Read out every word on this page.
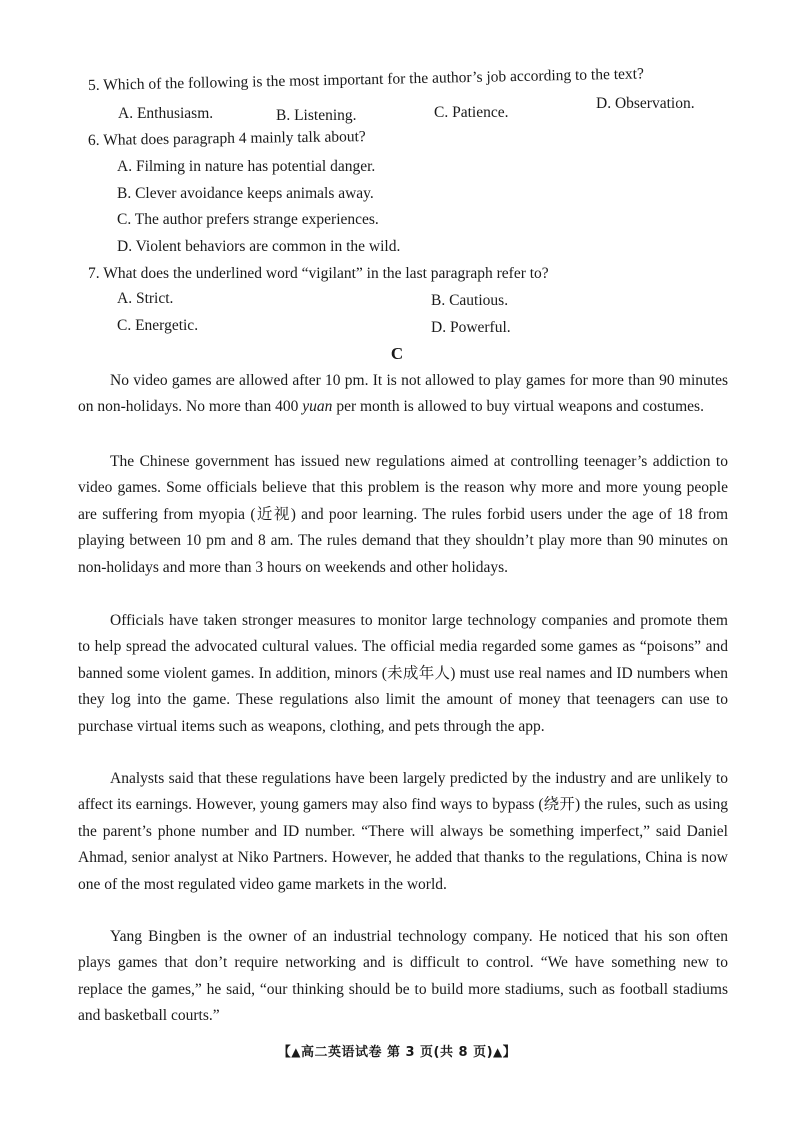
5. Which of the following is the most important for the author’s job according to the text?
A. Enthusiasm.	B. Listening.	C. Patience.
D. Observation.
6. What does paragraph 4 mainly talk about?
A. Filming in nature has potential danger.
B. Clever avoidance keeps animals away.
C. The author prefers strange experiences.
D. Violent behaviors are common in the wild.
7. What does the underlined word “vigilant” in the last paragraph refer to?
A. Strict.	B. Cautious.
C. Energetic.	D. Powerful.
C
No video games are allowed after 10 pm. It is not allowed to play games for more than 90 minutes on non-holidays. No more than 400 yuan per month is allowed to buy virtual weapons and costumes.
The Chinese government has issued new regulations aimed at controlling teenager’s addiction to video games. Some officials believe that this problem is the reason why more and more young people are suffering from myopia (近视) and poor learning. The rules forbid users under the age of 18 from playing between 10 pm and 8 am. The rules demand that they shouldn’t play more than 90 minutes on non-holidays and more than 3 hours on weekends and other holidays.
Officials have taken stronger measures to monitor large technology companies and promote them to help spread the advocated cultural values. The official media regarded some games as “poisons” and banned some violent games. In addition, minors (未成年人) must use real names and ID numbers when they log into the game. These regulations also limit the amount of money that teenagers can use to purchase virtual items such as weapons, clothing, and pets through the app.
Analysts said that these regulations have been largely predicted by the industry and are unlikely to affect its earnings. However, young gamers may also find ways to bypass (绕开) the rules, such as using the parent’s phone number and ID number. “There will always be something imperfect,” said Daniel Ahmad, senior analyst at Niko Partners. However, he added that thanks to the regulations, China is now one of the most regulated video game markets in the world.
Yang Bingben is the owner of an industrial technology company. He noticed that his son often plays games that don’t require networking and is difficult to control. “We have something new to replace the games,” he said, “our thinking should be to build more stadiums, such as football stadiums and basketball courts.”
【▲高二英语试卷 第 3 页(共 8 页)▲】
